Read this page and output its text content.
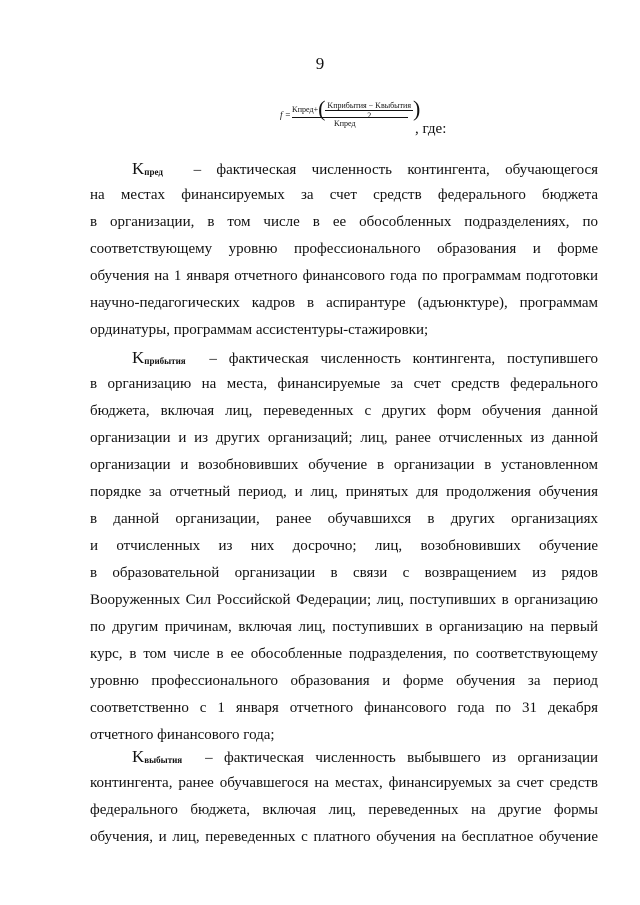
9
f =
Kпред+( Kприбытия − Kвыбытия
2	)
Kпред	, где:
$K_{пред}$ – фактическая численность контингента, обучающегося
на местах финансируемых за счет средств федерального бюджета
в организации, в том числе в ее обособленных подразделениях, по
соответствующему уровню профессионального образования и форме
обучения на 1 января отчетного финансового года по программам подготовки
научно-педагогических кадров в аспирантуре (адъюнктуре), программам
ординатуры, программам ассистентуры-стажировки;
$K_{прибытия}$ – фактическая численность контингента, поступившего
в организацию на места, финансируемые за счет средств федерального
бюджета, включая лиц, переведенных с других форм обучения данной
организации и из других организаций; лиц, ранее отчисленных из данной
организации и возобновивших обучение в организации в установленном
порядке за отчетный период, и лиц, принятых для продолжения обучения
в данной организации, ранее обучавшихся в других организациях
и отчисленных из них досрочно; лиц, возобновивших обучение
в образовательной организации в связи с возвращением из рядов
Вооруженных Сил Российской Федерации; лиц, поступивших в организацию
по другим причинам, включая лиц, поступивших в организацию на первый
курс, в том числе в ее обособленные подразделения, по соответствующему
уровню профессионального образования и форме обучения за период
соответственно с 1 января отчетного финансового года по 31 декабря
отчетного финансового года;
$K_{выбытия}$ – фактическая численность выбывшего из организации
контингента, ранее обучавшегося на местах, финансируемых за счет средств
федерального бюджета, включая лиц, переведенных на другие формы
обучения, и лиц, переведенных с платного обучения на бесплатное обучение
